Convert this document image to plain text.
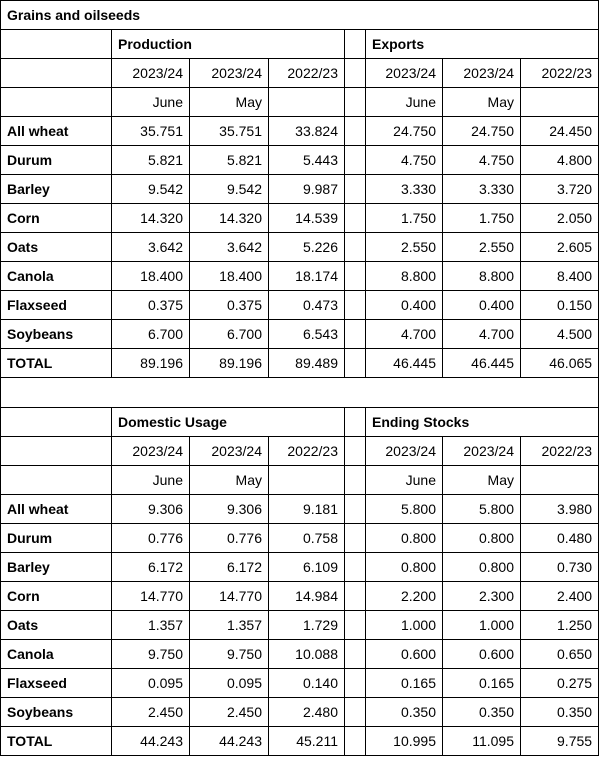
Grains and oilseeds							
	Production				Exports		
	2023/24	2023/24	2022/23		2023/24	2023/24	2022/23
	June	May			June	May	
All wheat	35.751	35.751	33.824		24.750	24.750	24.450
Durum	5.821	5.821	5.443		4.750	4.750	4.800
Barley	9.542	9.542	9.987		3.330	3.330	3.720
Corn	14.320	14.320	14.539		1.750	1.750	2.050
Oats	3.642	3.642	5.226		2.550	2.550	2.605
Canola	18.400	18.400	18.174		8.800	8.800	8.400
Flaxseed	0.375	0.375	0.473		0.400	0.400	0.150
Soybeans	6.700	6.700	6.543		4.700	4.700	4.500
TOTAL	89.196	89.196	89.489		46.445	46.445	46.065

	Domestic Usage				Ending Stocks		
	2023/24	2023/24	2022/23		2023/24	2023/24	2022/23
	June	May			June	May	
All wheat	9.306	9.306	9.181		5.800	5.800	3.980
Durum	0.776	0.776	0.758		0.800	0.800	0.480
Barley	6.172	6.172	6.109		0.800	0.800	0.730
Corn	14.770	14.770	14.984		2.200	2.300	2.400
Oats	1.357	1.357	1.729		1.000	1.000	1.250
Canola	9.750	9.750	10.088		0.600	0.600	0.650
Flaxseed	0.095	0.095	0.140		0.165	0.165	0.275
Soybeans	2.450	2.450	2.480		0.350	0.350	0.350
TOTAL	44.243	44.243	45.211		10.995	11.095	9.755
